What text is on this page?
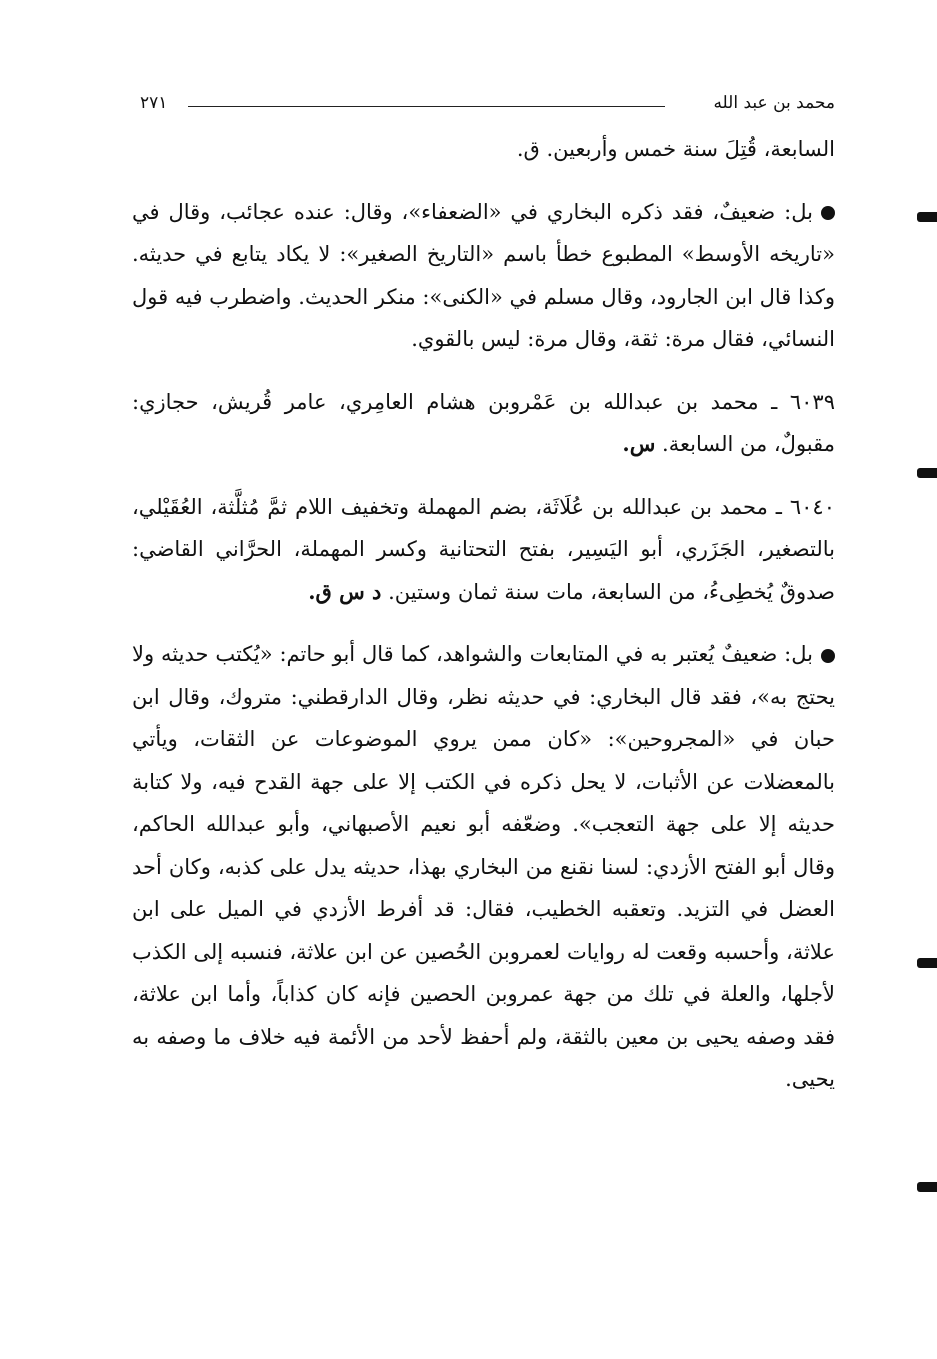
محمد بن عبد الله
٢٧١

السابعة، قُتِلَ سنة خمس وأربعين. ق.

بل: ضعيفٌ، فقد ذكره البخاري في «الضعفاء»، وقال: عنده عجائب، وقال في «تاريخه الأوسط» المطبوع خطأ باسم «التاريخ الصغير»: لا يكاد يتابع في حديثه. وكذا قال ابن الجارود، وقال مسلم في «الكنى»: منكر الحديث. واضطرب فيه قول النسائي، فقال مرة: ثقة، وقال مرة: ليس بالقوي.

٦٠٣٩ ـ محمد بن عبدالله بن عَمْروبن هشام العامِري، عامر قُريش، حجازي: مقبولٌ، من السابعة. س.

٦٠٤٠ ـ محمد بن عبدالله بن عُلَاثَة، بضم المهملة وتخفيف اللام ثمَّ مُثلَّثة، العُقَيْلي، بالتصغير، الجَزَري، أبو اليَسِير، بفتح التحتانية وكسر المهملة، الحرَّاني القاضي: صدوقٌ يُخطِىءُ، من السابعة، مات سنة ثمان وستين. د س ق.

بل: ضعيفٌ يُعتبر به في المتابعات والشواهد، كما قال أبو حاتم: «يُكتب حديثه ولا يحتج به»، فقد قال البخاري: في حديثه نظر، وقال الدارقطني: متروك، وقال ابن حبان في «المجروحين»: «كان ممن يروي الموضوعات عن الثقات، ويأتي بالمعضلات عن الأثبات، لا يحل ذكره في الكتب إلا على جهة القدح فيه، ولا كتابة حديثه إلا على جهة التعجب». وضعّفه أبو نعيم الأصبهاني، وأبو عبدالله الحاكم، وقال أبو الفتح الأزدي: لسنا نقنع من البخاري بهذا، حديثه يدل على كذبه، وكان أحد العضل في التزيد. وتعقبه الخطيب، فقال: قد أفرط الأزدي في الميل على ابن علاثة، وأحسبه وقعت له روايات لعمروبن الحُصين عن ابن علاثة، فنسبه إلى الكذب لأجلها، والعلة في تلك من جهة عمروبن الحصين فإنه كان كذاباً، وأما ابن علاثة، فقد وصفه يحيى بن معين بالثقة، ولم أحفظ لأحد من الأئمة فيه خلاف ما وصفه به يحيى.
